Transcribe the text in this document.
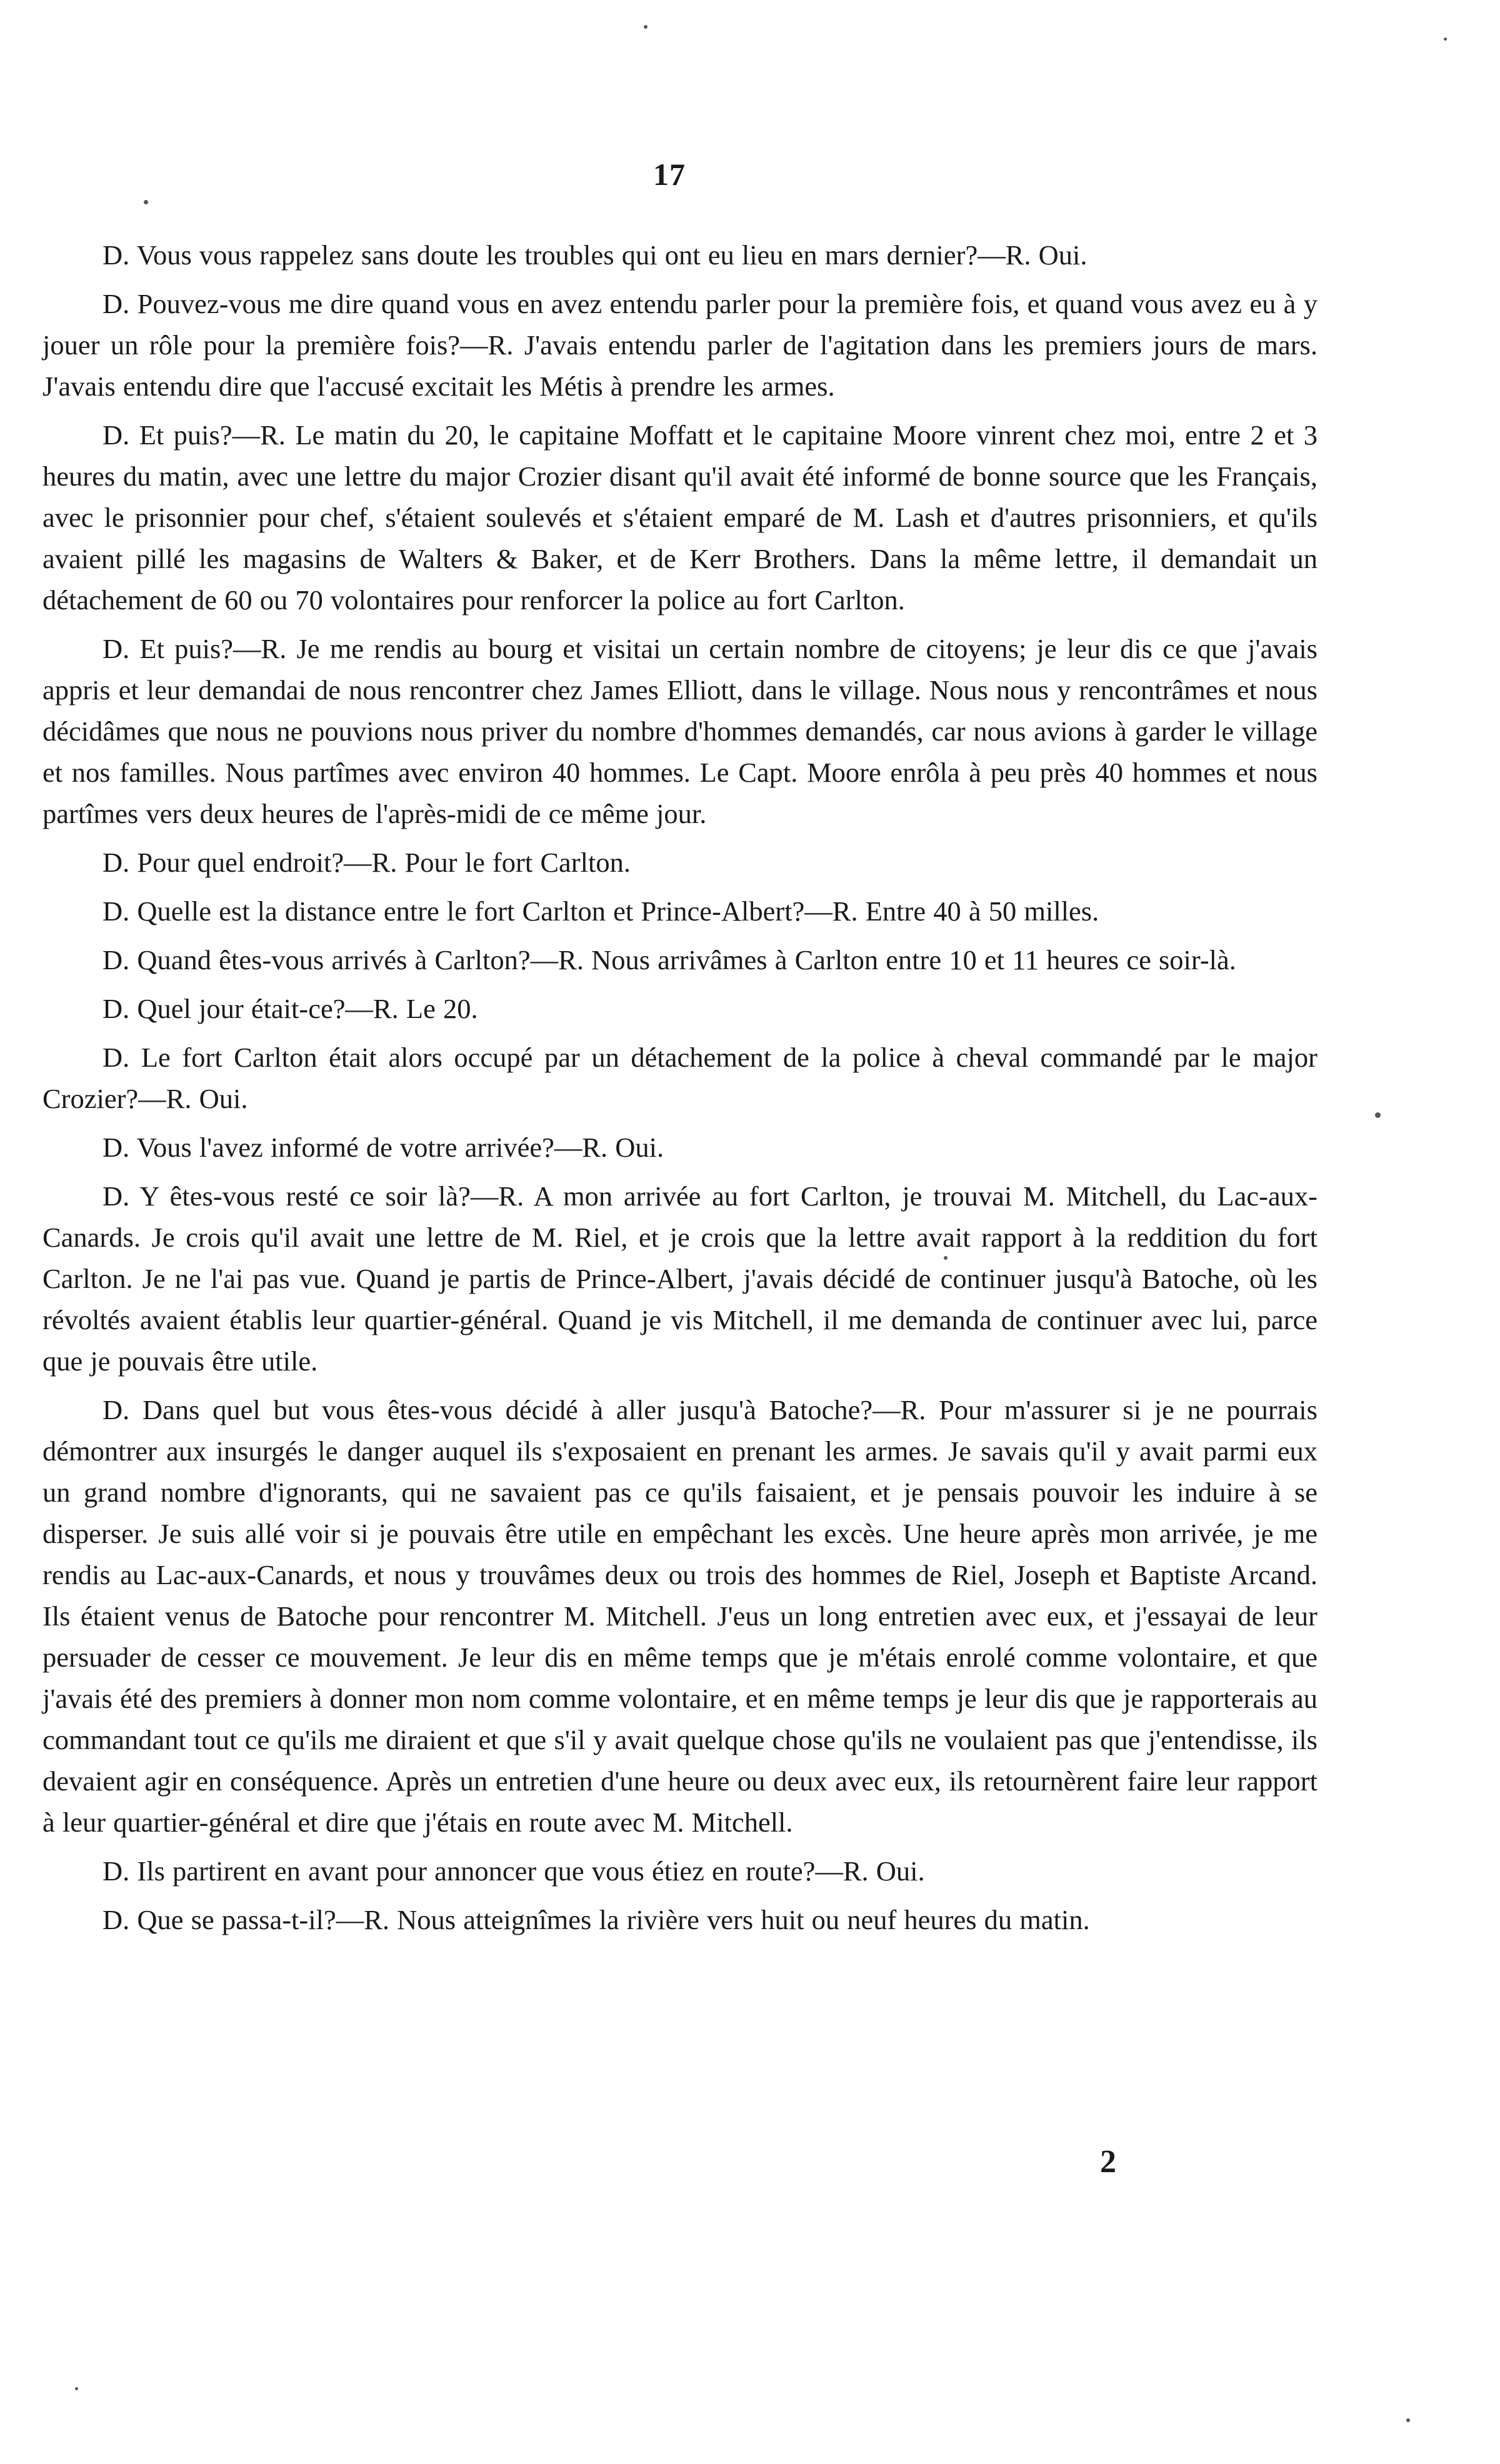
17

D. Vous vous rappelez sans doute les troubles qui ont eu lieu en mars dernier?—R. Oui.

D. Pouvez-vous me dire quand vous en avez entendu parler pour la première fois, et quand vous avez eu à y jouer un rôle pour la première fois?—R. J'avais entendu parler de l'agitation dans les premiers jours de mars. J'avais entendu dire que l'accusé excitait les Métis à prendre les armes.

D. Et puis?—R. Le matin du 20, le capitaine Moffatt et le capitaine Moore vinrent chez moi, entre 2 et 3 heures du matin, avec une lettre du major Crozier disant qu'il avait été informé de bonne source que les Français, avec le prisonnier pour chef, s'étaient soulevés et s'étaient emparé de M. Lash et d'autres prisonniers, et qu'ils avaient pillé les magasins de Walters & Baker, et de Kerr Brothers. Dans la même lettre, il demandait un détachement de 60 ou 70 volontaires pour renforcer la police au fort Carlton.

D. Et puis?—R. Je me rendis au bourg et visitai un certain nombre de citoyens; je leur dis ce que j'avais appris et leur demandai de nous rencontrer chez James Elliott, dans le village. Nous nous y rencontrâmes et nous décidâmes que nous ne pouvions nous priver du nombre d'hommes demandés, car nous avions à garder le village et nos familles. Nous partîmes avec environ 40 hommes. Le Capt. Moore enrôla à peu près 40 hommes et nous partîmes vers deux heures de l'après-midi de ce même jour.

D. Pour quel endroit?—R. Pour le fort Carlton.

D. Quelle est la distance entre le fort Carlton et Prince-Albert?—R. Entre 40 à 50 milles.

D. Quand êtes-vous arrivés à Carlton?—R. Nous arrivâmes à Carlton entre 10 et 11 heures ce soir-là.

D. Quel jour était-ce?—R. Le 20.

D. Le fort Carlton était alors occupé par un détachement de la police à cheval commandé par le major Crozier?—R. Oui.

D. Vous l'avez informé de votre arrivée?—R. Oui.

D. Y êtes-vous resté ce soir là?—R. A mon arrivée au fort Carlton, je trouvai M. Mitchell, du Lac-aux-Canards. Je crois qu'il avait une lettre de M. Riel, et je crois que la lettre avait rapport à la reddition du fort Carlton. Je ne l'ai pas vue. Quand je partis de Prince-Albert, j'avais décidé de continuer jusqu'à Batoche, où les révoltés avaient établis leur quartier-général. Quand je vis Mitchell, il me demanda de continuer avec lui, parce que je pouvais être utile.

D. Dans quel but vous êtes-vous décidé à aller jusqu'à Batoche?—R. Pour m'assurer si je ne pourrais démontrer aux insurgés le danger auquel ils s'exposaient en prenant les armes. Je savais qu'il y avait parmi eux un grand nombre d'ignorants, qui ne savaient pas ce qu'ils faisaient, et je pensais pouvoir les induire à se disperser. Je suis allé voir si je pouvais être utile en empêchant les excès. Une heure après mon arrivée, je me rendis au Lac-aux-Canards, et nous y trouvâmes deux ou trois des hommes de Riel, Joseph et Baptiste Arcand. Ils étaient venus de Batoche pour rencontrer M. Mitchell. J'eus un long entretien avec eux, et j'essayai de leur persuader de cesser ce mouvement. Je leur dis en même temps que je m'étais enrolé comme volontaire, et que j'avais été des premiers à donner mon nom comme volontaire, et en même temps je leur dis que je rapporterais au commandant tout ce qu'ils me diraient et que s'il y avait quelque chose qu'ils ne voulaient pas que j'entendisse, ils devaient agir en conséquence. Après un entretien d'une heure ou deux avec eux, ils retournèrent faire leur rapport à leur quartier-général et dire que j'étais en route avec M. Mitchell.

D. Ils partirent en avant pour annoncer que vous étiez en route?—R. Oui.

D. Que se passa-t-il?—R. Nous atteignîmes la rivière vers huit ou neuf heures du matin.

2
